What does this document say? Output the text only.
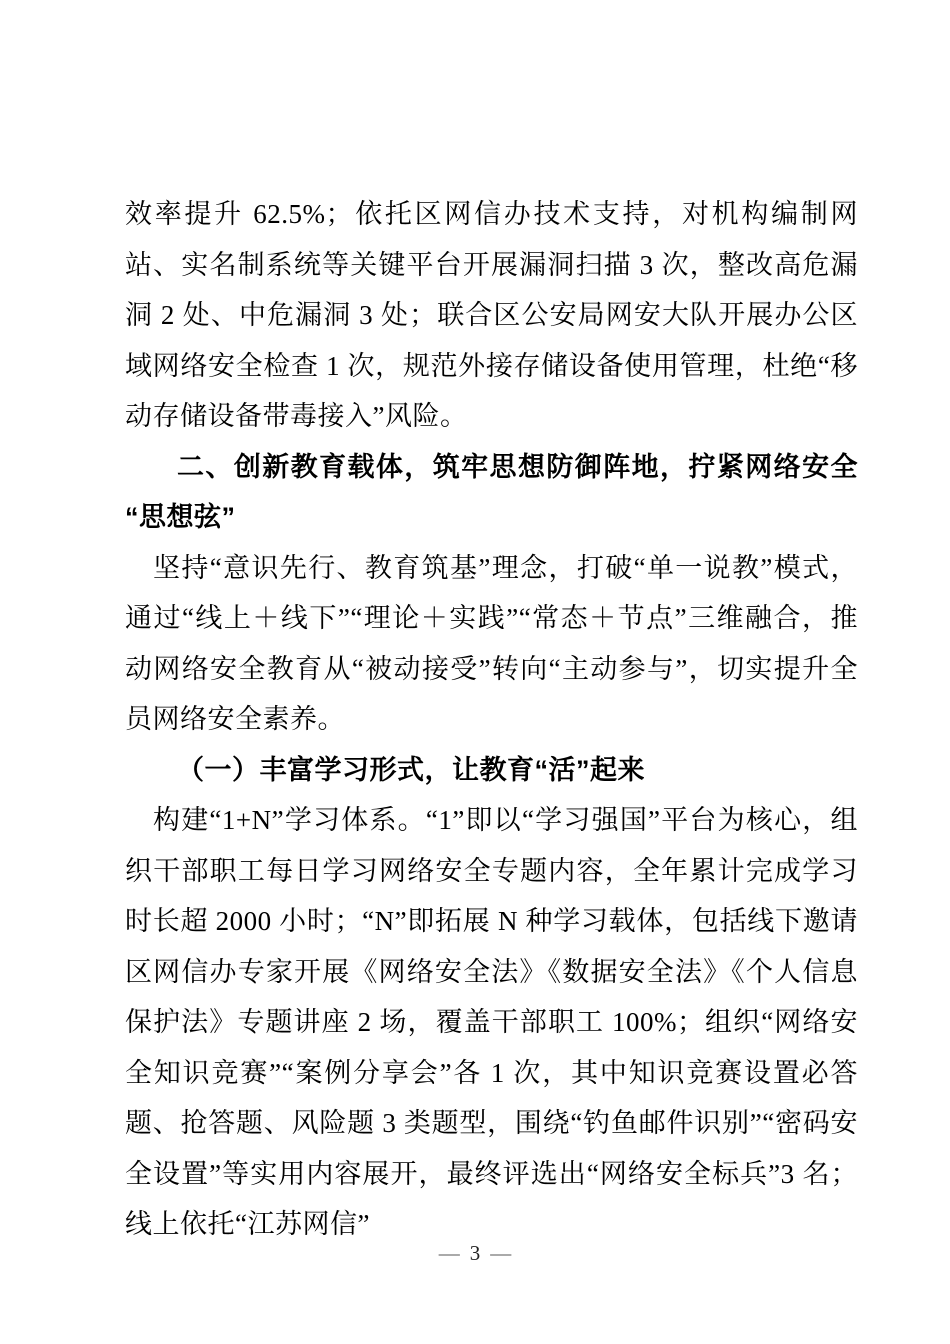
效率提升 62.5%；依托区网信办技术支持，对机构编制网站、实名制系统等关键平台开展漏洞扫描 3 次，整改高危漏洞 2 处、中危漏洞 3 处；联合区公安局网安大队开展办公区域网络安全检查 1 次，规范外接存储设备使用管理，杜绝“移动存储设备带毒接入”风险。

二、创新教育载体，筑牢思想防御阵地，拧紧网络安全“思想弦”

坚持“意识先行、教育筑基”理念，打破“单一说教”模式，通过“线上＋线下”“理论＋实践”“常态＋节点”三维融合，推动网络安全教育从“被动接受”转向“主动参与”，切实提升全员网络安全素养。

（一）丰富学习形式，让教育“活”起来

构建“1+N”学习体系。“1”即以“学习强国”平台为核心，组织干部职工每日学习网络安全专题内容，全年累计完成学习时长超 2000 小时；“N”即拓展 N 种学习载体，包括线下邀请区网信办专家开展《网络安全法》《数据安全法》《个人信息保护法》专题讲座 2 场，覆盖干部职工 100%；组织“网络安全知识竞赛”“案例分享会”各 1 次，其中知识竞赛设置必答题、抢答题、风险题 3 类题型，围绕“钓鱼邮件识别”“密码安全设置”等实用内容展开，最终评选出“网络安全标兵”3 名；线上依托“江苏网信”

— 3 —
